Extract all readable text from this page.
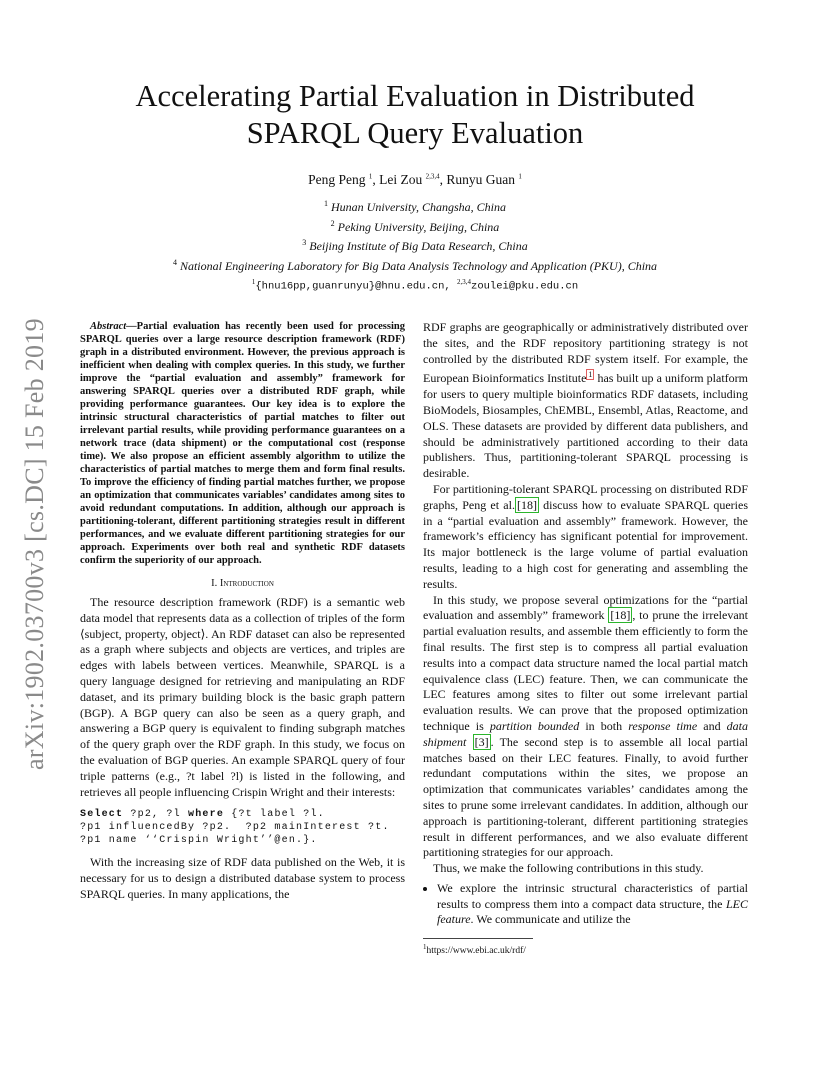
arXiv:1902.03700v3 [cs.DC] 15 Feb 2019
Accelerating Partial Evaluation in Distributed
SPARQL Query Evaluation
Peng Peng $^1$, Lei Zou $^{2,3,4}$, Runyu Guan $^1$
$^1$ Hunan University, Changsha, China
$^2$ Peking University, Beijing, China
$^3$ Beijing Institute of Big Data Research, China
$^4$ National Engineering Laboratory for Big Data Analysis Technology and Application (PKU), China
$^1${hnu16pp,guanrunyu}@hnu.edu.cn, $^{2,3,4}$zoulei@pku.edu.cn

Abstract—Partial evaluation has recently been used for processing SPARQL queries over a large resource description framework (RDF) graph in a distributed environment. However, the previous approach is inefficient when dealing with complex queries. In this study, we further improve the “partial evaluation and assembly” framework for answering SPARQL queries over a distributed RDF graph, while providing performance guarantees. Our key idea is to explore the intrinsic structural characteristics of partial matches to filter out irrelevant partial results, while providing performance guarantees on a network trace (data shipment) or the computational cost (response time). We also propose an efficient assembly algorithm to utilize the characteristics of partial matches to merge them and form final results. To improve the efficiency of finding partial matches further, we propose an optimization that communicates variables’ candidates among sites to avoid redundant computations. In addition, although our approach is partitioning-tolerant, different partitioning strategies result in different performances, and we evaluate different partitioning strategies for our approach. Experiments over both real and synthetic RDF datasets confirm the superiority of our approach.

I. Introduction

The resource description framework (RDF) is a semantic web data model that represents data as a collection of triples of the form ⟨subject, property, object⟩. An RDF dataset can also be represented as a graph where subjects and objects are vertices, and triples are edges with labels between vertices. Meanwhile, SPARQL is a query language designed for retrieving and manipulating an RDF dataset, and its primary building block is the basic graph pattern (BGP). A BGP query can also be seen as a query graph, and answering a BGP query is equivalent to finding subgraph matches of the query graph over the RDF graph. In this study, we focus on the evaluation of BGP queries. An example SPARQL query of four triple patterns (e.g., ?t label ?l) is listed in the following, and retrieves all people influencing Crispin Wright and their interests:

Select ?p2, ?l where {?t label ?l.
?p1 influencedBy ?p2.  ?p2 mainInterest ?t.
?p1 name ‘‘Crispin Wright’’@en.}.

With the increasing size of RDF data published on the Web, it is necessary for us to design a distributed database system to process SPARQL queries. In many applications, the

RDF graphs are geographically or administratively distributed over the sites, and the RDF repository partitioning strategy is not controlled by the distributed RDF system itself. For example, the European Bioinformatics Institute $^1$ has built up a uniform platform for users to query multiple bioinformatics RDF datasets, including BioModels, Biosamples, ChEMBL, Ensembl, Atlas, Reactome, and OLS. These datasets are provided by different data publishers, and should be administratively partitioned according to their data publishers. Thus, partitioning-tolerant SPARQL processing is desirable.

For partitioning-tolerant SPARQL processing on distributed RDF graphs, Peng et al. [18] discuss how to evaluate SPARQL queries in a “partial evaluation and assembly” framework. However, the framework’s efficiency has significant potential for improvement. Its major bottleneck is the large volume of partial evaluation results, leading to a high cost for generating and assembling the results.

In this study, we propose several optimizations for the “partial evaluation and assembly” framework [18] , to prune the irrelevant partial evaluation results, and assemble them efficiently to form the final results. The first step is to compress all partial evaluation results into a compact data structure named the local partial match equivalence class (LEC) feature. Then, we can communicate the LEC features among sites to filter out some irrelevant partial evaluation results. We can prove that the proposed optimization technique is partition bounded in both response time and data shipment [3] . The second step is to assemble all local partial matches based on their LEC features. Finally, to avoid further redundant computations within the sites, we propose an optimization that communicates variables’ candidates among the sites to prune some irrelevant candidates. In addition, although our approach is partitioning-tolerant, different partitioning strategies result in different performances, and we also evaluate different partitioning strategies for our approach.

Thus, we make the following contributions in this study.

• We explore the intrinsic structural characteristics of partial results to compress them into a compact data structure, the LEC feature. We communicate and utilize the
$^1$https://www.ebi.ac.uk/rdf/
